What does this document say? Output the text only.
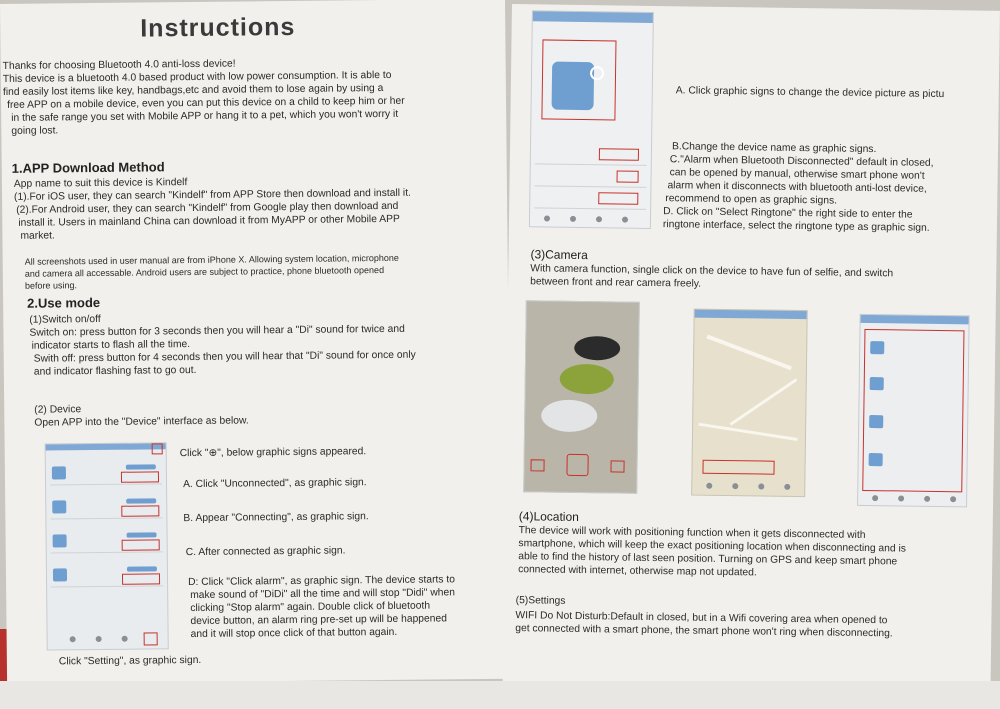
Instructions

Thanks for choosing Bluetooth 4.0 anti-loss device!

This device is a bluetooth 4.0 based product with low power consumption. It is able to

find easily lost items like key, handbags,etc and avoid them to lose again by using a

free APP on a mobile device, even you can put this device on a child to keep him or her

in the safe range you set with Mobile APP or hang it to a pet, which you won't worry it

going lost.

1.APP Download Method

App name to suit this device is Kindelf

(1).For iOS user, they can search "Kindelf" from APP Store then download and install it.

(2).For Android user, they can search "Kindelf" from Google play then download and

install it. Users in mainland China can download it from MyAPP or other Mobile APP

market.

All screenshots used in user manual are from iPhone X. Allowing system location, microphone

and camera all accessable. Android users are subject to practice, phone bluetooth opened

before using.

2.Use mode

(1)Switch on/off

Switch on: press button for 3 seconds then you will hear a "Di" sound for twice and

indicator starts to flash all the time.

Swith off: press button for 4 seconds then you will hear that "Di" sound for once only

and indicator flashing fast to go out.

(2) Device

Open APP into the "Device" interface as below.

Click "⊕", below graphic signs appeared.

A. Click "Unconnected", as graphic sign.

B. Appear "Connecting", as graphic sign.

C. After connected as graphic sign.

D: Click "Click alarm", as graphic sign. The device starts to

make sound of "DiDi" all the time and will stop "Didi" when

clicking "Stop alarm" again. Double click of bluetooth

device button, an alarm ring pre-set up will be happened

and it will stop once click of that button again.

Click "Setting", as graphic sign.

A. Click graphic signs to change the device picture as pictu

B.Change the device name as graphic signs.

C."Alarm when Bluetooth Disconnected" default in closed,

can be opened by manual, otherwise smart phone won't

alarm when it disconnects with bluetooth anti-lost device,

recommend to open as graphic signs.

D. Click on "Select Ringtone" the right side to enter the

ringtone interface, select the ringtone type as graphic sign.

(3)Camera

With camera function, single click on the device to have fun of selfie, and switch

between front and rear camera freely.

(4)Location

The device will work with positioning function when it gets disconnected with

smartphone, which will keep the exact positioning location when disconnecting and is

able to find the history of last seen position. Turning on GPS and keep smart phone

connected with internet, otherwise map not updated.

(5)Settings

WIFI Do Not Disturb:Default in closed, but in a Wifi covering area when opened to

get connected with a smart phone, the smart phone won't ring when disconnecting.
